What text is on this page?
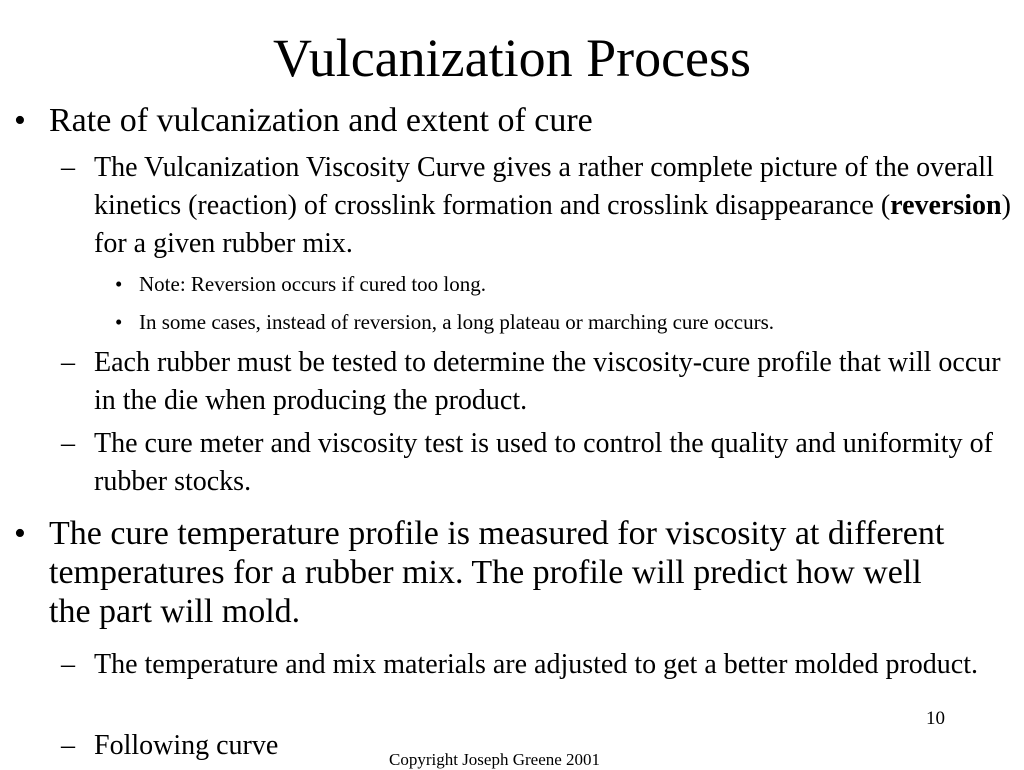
Vulcanization Process
• Rate of vulcanization and extent of cure
– The Vulcanization Viscosity Curve gives a rather complete picture of the overall kinetics (reaction) of crosslink formation and crosslink disappearance (reversion) for a given rubber mix.
• Note: Reversion occurs if cured too long.
• In some cases, instead of reversion, a long plateau or marching cure occurs.
– Each rubber must be tested to determine the viscosity-cure profile that will occur in the die when producing the product.
– The cure meter and viscosity test is used to control the quality and uniformity of rubber stocks.
• The cure temperature profile is measured for viscosity at different temperatures for a rubber mix. The profile will predict how well the part will mold.
– The temperature and mix materials are adjusted to get a better molded product.
– Following curve
10
Copyright Joseph Greene 2001
